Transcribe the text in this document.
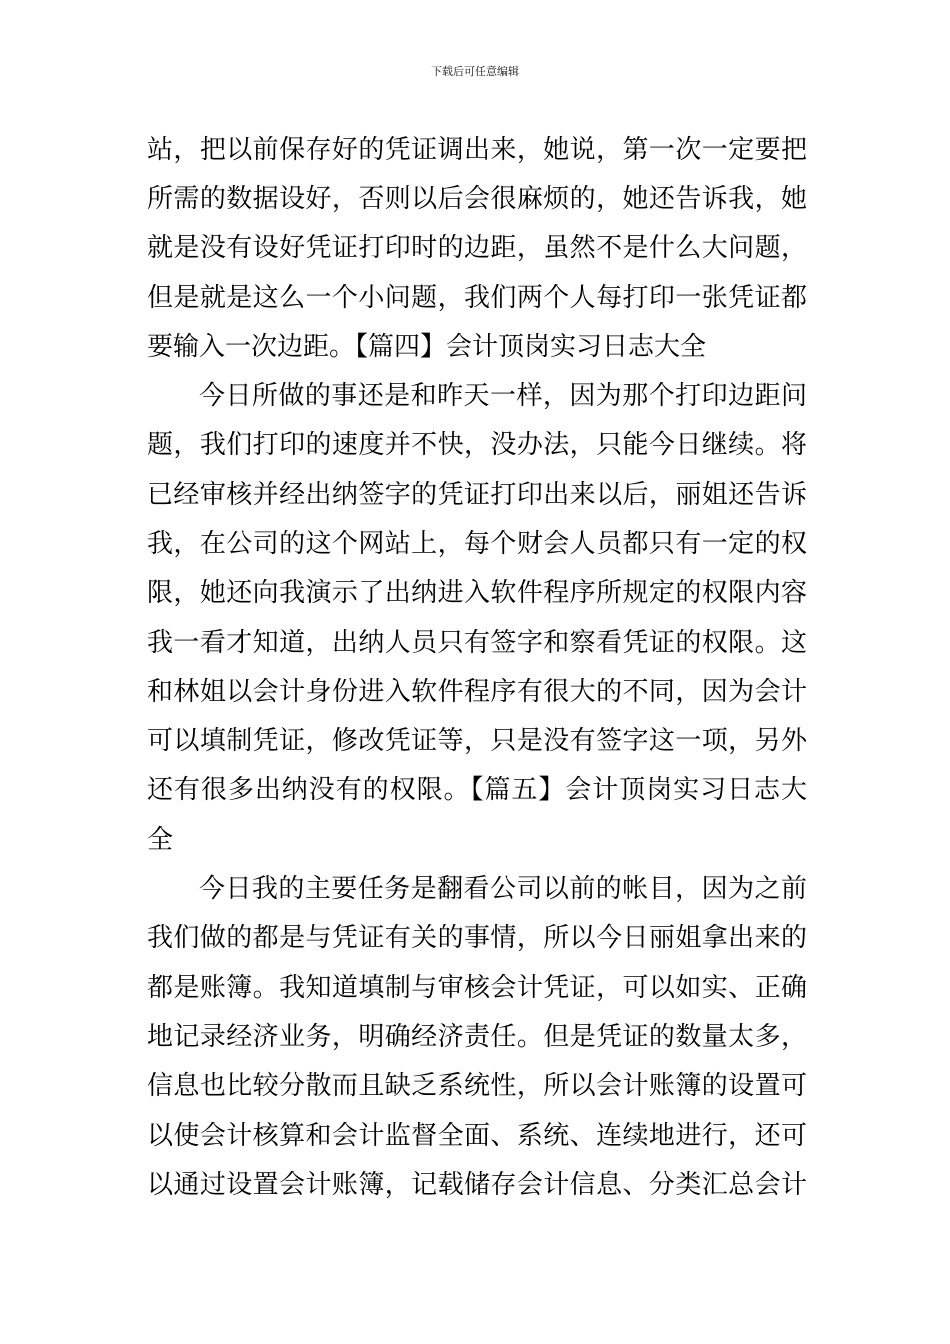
下载后可任意编辑
站，把以前保存好的凭证调出来，她说，第一次一定要把
所需的数据设好，否则以后会很麻烦的，她还告诉我，她
就是没有设好凭证打印时的边距，虽然不是什么大问题，
但是就是这么一个小问题，我们两个人每打印一张凭证都
要输入一次边距。【篇四】会计顶岗实习日志大全
今日所做的事还是和昨天一样，因为那个打印边距问
题，我们打印的速度并不快，没办法，只能今日继续。将
已经审核并经出纳签字的凭证打印出来以后，丽姐还告诉
我，在公司的这个网站上，每个财会人员都只有一定的权
限，她还向我演示了出纳进入软件程序所规定的权限内容
我一看才知道，出纳人员只有签字和察看凭证的权限。这
和林姐以会计身份进入软件程序有很大的不同，因为会计
可以填制凭证，修改凭证等，只是没有签字这一项，另外
还有很多出纳没有的权限。【篇五】会计顶岗实习日志大
全
今日我的主要任务是翻看公司以前的帐目，因为之前
我们做的都是与凭证有关的事情，所以今日丽姐拿出来的
都是账簿。我知道填制与审核会计凭证，可以如实、正确
地记录经济业务，明确经济责任。但是凭证的数量太多，
信息也比较分散而且缺乏系统性，所以会计账簿的设置可
以使会计核算和会计监督全面、系统、连续地进行，还可
以通过设置会计账簿，记载储存会计信息、分类汇总会计
